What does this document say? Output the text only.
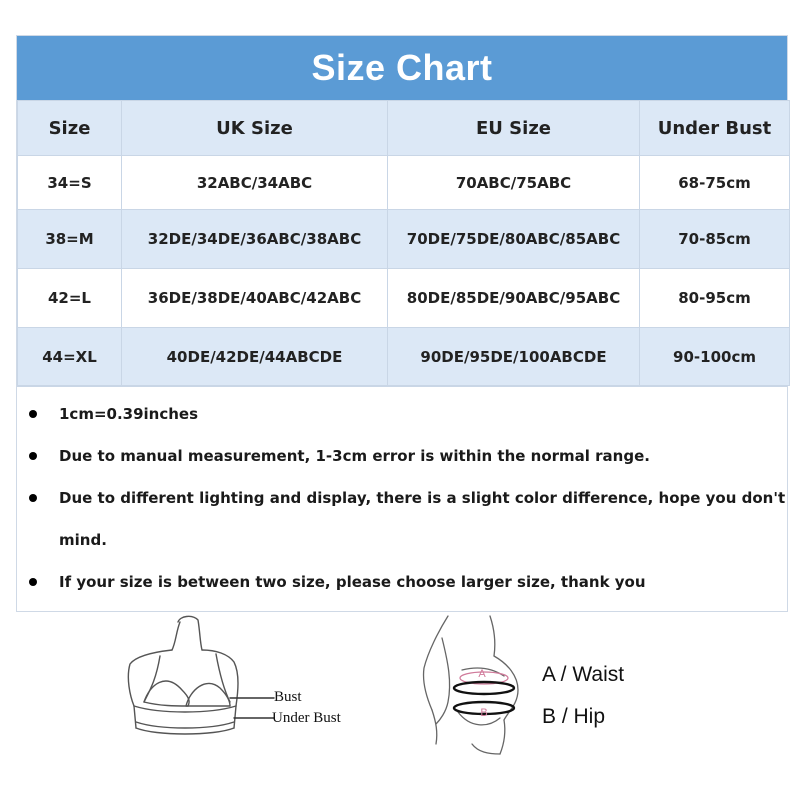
Size Chart
Size	UK Size	EU Size	Under Bust
34=S	32ABC/34ABC	70ABC/75ABC	68-75cm
38=M	32DE/34DE/36ABC/38ABC	70DE/75DE/80ABC/85ABC	70-85cm
42=L	36DE/38DE/40ABC/42ABC	80DE/85DE/90ABC/95ABC	80-95cm
44=XL	40DE/42DE/44ABCDE	90DE/95DE/100ABCDE	90-100cm
1cm=0.39inches
Due to manual measurement, 1-3cm error is within the normal range.
Due to different lighting and display, there is a slight color difference, hope you don't mind.
If your size is between two size, please choose larger size, thank you
Bust
Under Bust
A
B
A / Waist
B / Hip
